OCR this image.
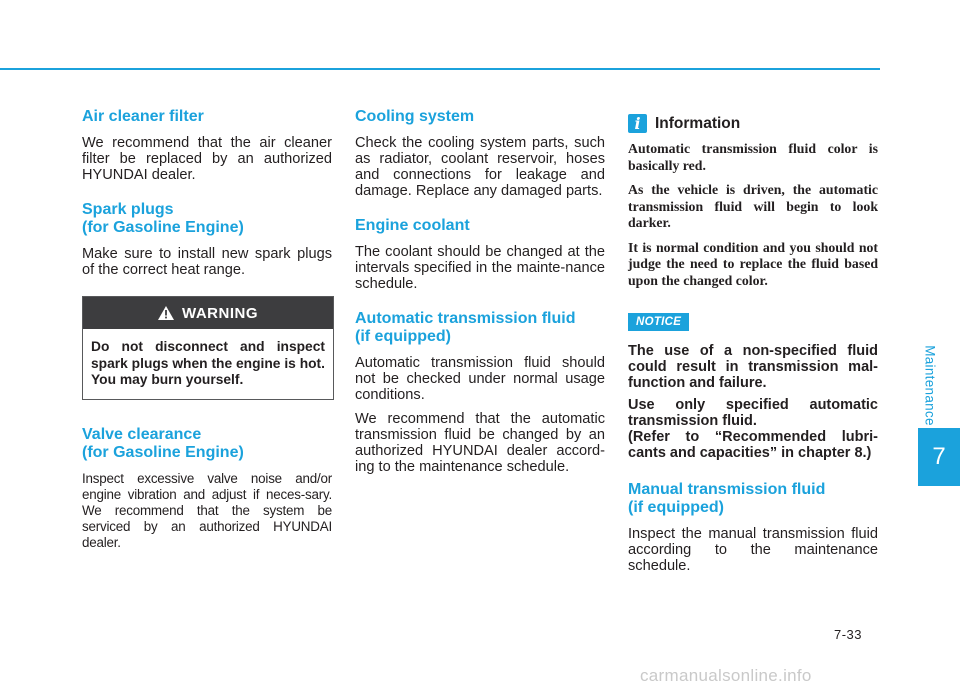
Air cleaner filter
We recommend that the air cleaner filter be replaced by an authorized HYUNDAI dealer.
Spark plugs
(for Gasoline Engine)
Make sure to install new spark plugs of the correct heat range.
WARNING
Do not disconnect and inspect spark plugs when the engine is hot. You may burn yourself.
Valve clearance
(for Gasoline Engine)
Inspect excessive valve noise and/or engine vibration and adjust if neces-sary. We recommend that the system be serviced by an authorized HYUNDAI dealer.
Cooling system
Check the cooling system parts, such as radiator, coolant reservoir, hoses and connections for leakage and damage. Replace any damaged parts.
Engine coolant
The coolant should be changed at the intervals specified in the mainte-nance schedule.
Automatic transmission fluid
(if equipped)
Automatic transmission fluid should not be checked under normal usage conditions.
We recommend that the automatic transmission fluid be changed by an authorized HYUNDAI dealer accord-ing to the maintenance schedule.
i Information
Automatic transmission fluid color is basically red.
As the vehicle is driven, the automatic transmission fluid will begin to look darker.
It is normal condition and you should not judge the need to replace the fluid based upon the changed color.
NOTICE
The use of a non-specified fluid could result in transmission mal-function and failure.
Use only specified automatic transmission fluid.
(Refer to “Recommended lubri-cants and capacities” in chapter 8.)
Manual transmission fluid
(if equipped)
Inspect the manual transmission fluid according to the maintenance schedule.
Maintenance
7
7-33
carmanualsonline.info
